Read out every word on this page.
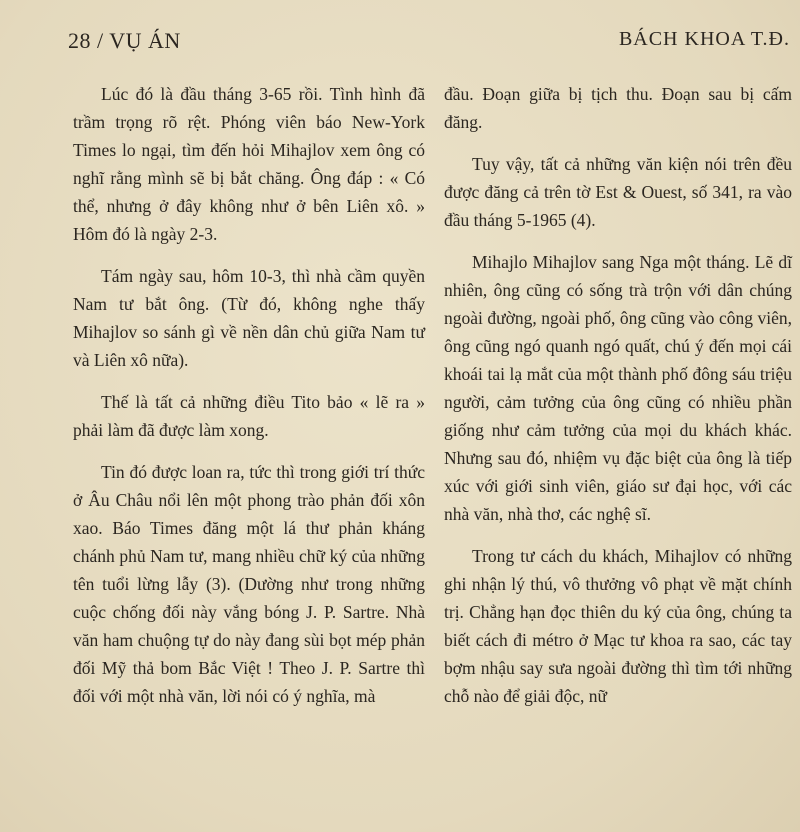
28 / VỤ ÁN	BÁCH KHOA T.Đ.

Lúc đó là đầu tháng 3-65 rồi. Tình hình đã trầm trọng rõ rệt. Phóng viên báo New-York Times lo ngại, tìm đến hỏi Mihajlov xem ông có nghĩ rằng mình sẽ bị bắt chăng. Ông đáp : « Có thể, nhưng ở đây không như ở bên Liên xô. » Hôm đó là ngày 2-3.

Tám ngày sau, hôm 10-3, thì nhà cầm quyền Nam tư bắt ông. (Từ đó, không nghe thấy Mihajlov so sánh gì về nền dân chủ giữa Nam tư và Liên xô nữa).

Thế là tất cả những điều Tito bảo « lẽ ra » phải làm đã được làm xong.

Tin đó được loan ra, tức thì trong giới trí thức ở Âu Châu nổi lên một phong trào phản đối xôn xao. Báo Times đăng một lá thư phản kháng chánh phủ Nam tư, mang nhiều chữ ký của những tên tuổi lừng lẫy (3). (Dường như trong những cuộc chống đối này vắng bóng J. P. Sartre. Nhà văn ham chuộng tự do này đang sùi bọt mép phản đối Mỹ thả bom Bắc Việt ! Theo J. P. Sartre thì đối với một nhà văn, lời nói có ý nghĩa, mà

đầu. Đoạn giữa bị tịch thu. Đoạn sau bị cấm đăng.

Tuy vậy, tất cả những văn kiện nói trên đều được đăng cả trên tờ Est & Ouest, số 341, ra vào đầu tháng 5-1965 (4).

Mihajlo Mihajlov sang Nga một tháng. Lẽ dĩ nhiên, ông cũng có sống trà trộn với dân chúng ngoài đường, ngoài phố, ông cũng vào công viên, ông cũng ngó quanh ngó quất, chú ý đến mọi cái khoái tai lạ mắt của một thành phố đông sáu triệu người, cảm tưởng của ông cũng có nhiều phần giống như cảm tưởng của mọi du khách khác. Nhưng sau đó, nhiệm vụ đặc biệt của ông là tiếp xúc với giới sinh viên, giáo sư đại học, với các nhà văn, nhà thơ, các nghệ sĩ.

Trong tư cách du khách, Mihajlov có những ghi nhận lý thú, vô thưởng vô phạt về mặt chính trị. Chẳng hạn đọc thiên du ký của ông, chúng ta biết cách đi métro ở Mạc tư khoa ra sao, các tay bợm nhậu say sưa ngoài đường thì tìm tới những chỗ nào để giải độc, nữ
